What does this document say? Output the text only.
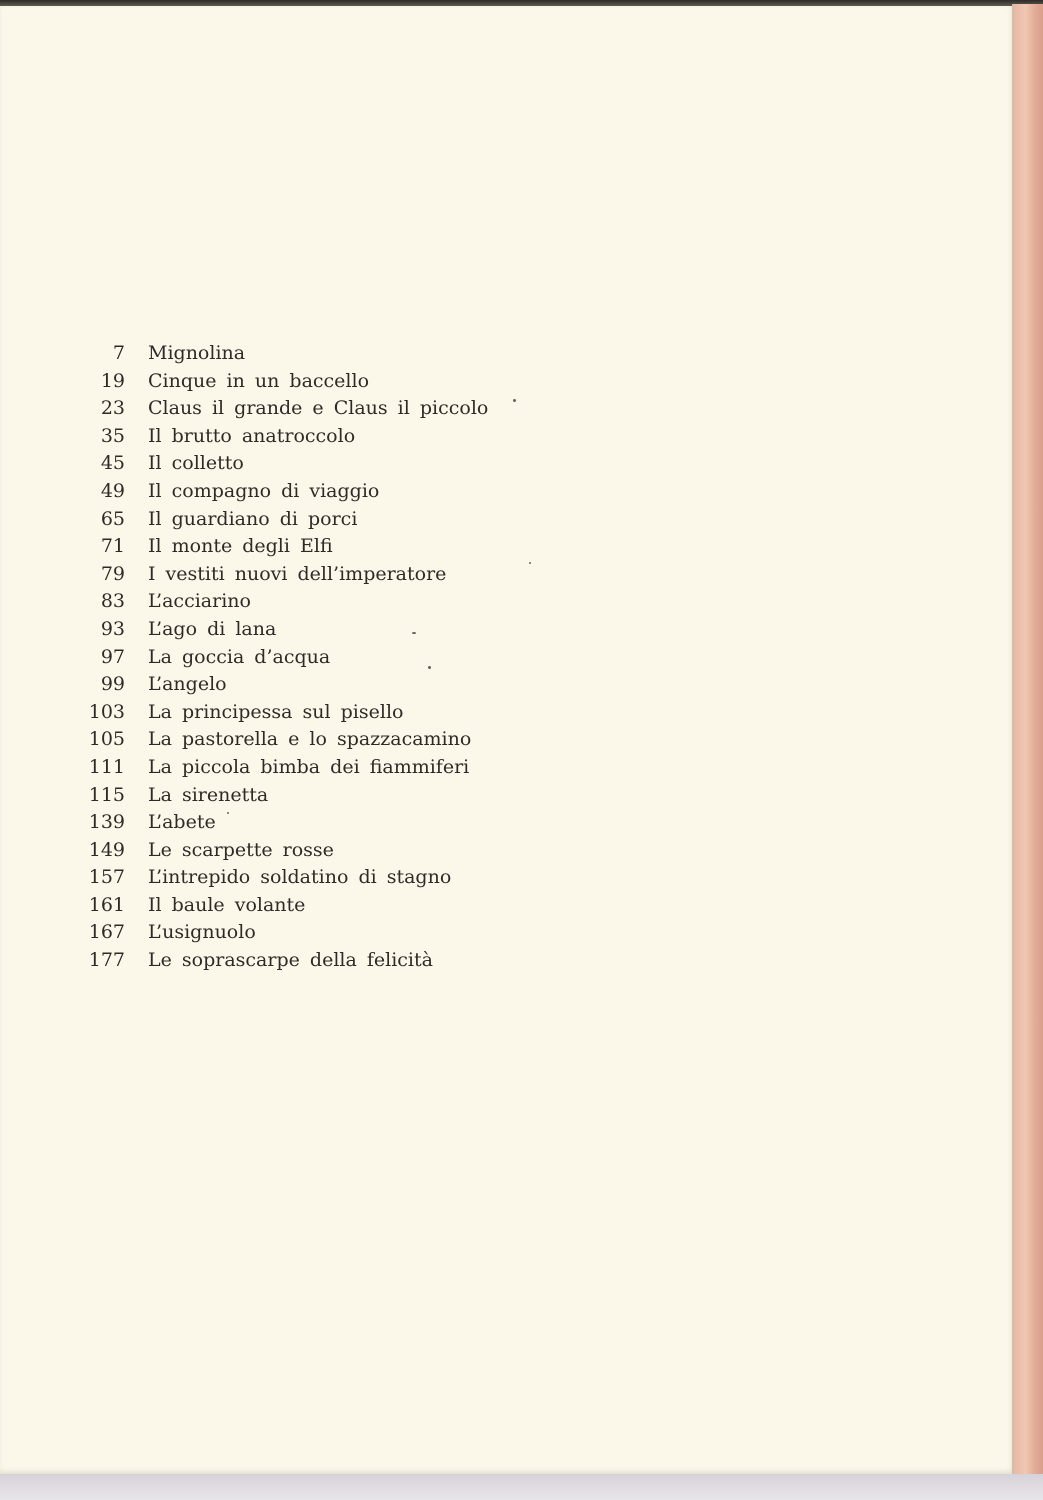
7 Mignolina
19 Cinque in un baccello
23 Claus il grande e Claus il piccolo
35 Il brutto anatroccolo
45 Il colletto
49 Il compagno di viaggio
65 Il guardiano di porci
71 Il monte degli Elfi
79 I vestiti nuovi dell’imperatore
83 L’acciarino
93 L’ago di lana
97 La goccia d’acqua
99 L’angelo
103 La principessa sul pisello
105 La pastorella e lo spazzacamino
111 La piccola bimba dei fiammiferi
115 La sirenetta
139 L’abete
149 Le scarpette rosse
157 L’intrepido soldatino di stagno
161 Il baule volante
167 L’usignuolo
177 Le soprascarpe della felicità
